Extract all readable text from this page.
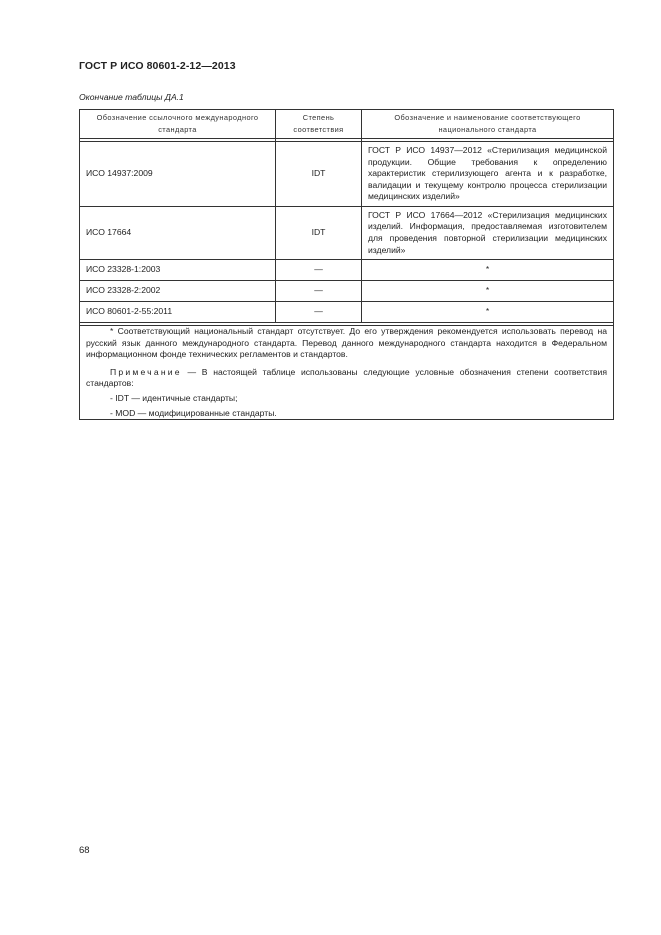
ГОСТ Р ИСО 80601-2-12—2013
Окончание таблицы ДА.1
Обозначение ссылочного международного стандарта	Степень соответствия	Обозначение и наименование соответствующего национального стандарта

ИСО 14937:2009	IDT	ГОСТ Р ИСО 14937—2012 «Стерилизация медицинской продукции. Общие требования к определению характеристик стерилизующего агента и к разработке, валидации и текущему контролю процесса стерилизации медицинских изделий»
ИСО 17664	IDT	ГОСТ Р ИСО 17664—2012 «Стерилизация медицинских изделий. Информация, предоставляемая изготовителем для проведения повторной стерилизации медицинских изделий»
ИСО 23328-1:2003	—	*
ИСО 23328-2:2002	—	*
ИСО 80601-2-55:2011	—	*

* Соответствующий национальный стандарт отсутствует. До его утверждения рекомендуется использовать перевод на русский язык данного международного стандарта. Перевод данного международного стандарта находится в Федеральном информационном фонде технических регламентов и стандартов.

Примечание — В настоящей таблице использованы следующие условные обозначения степени соответствия стандартов:

- IDT — идентичные стандарты;

- MOD — модифицированные стандарты.		

68
